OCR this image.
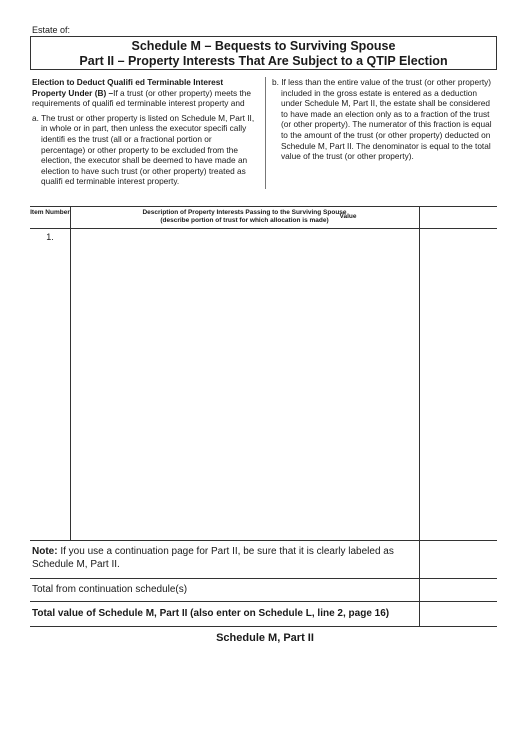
Estate of:
Schedule M – Bequests to Surviving Spouse
Part II – Property Interests That Are Subject to a QTIP Election

Election to Deduct Qualifi ed Terminable Interest Property Under (B) –If a trust (or other property) meets the requirements of qualifi ed terminable interest property and

a. The trust or other property is listed on Schedule M, Part II, in whole or in part, then unless the executor specifi cally identifi es the trust (all or a fractional portion or percentage) or other property to be excluded from the election, the executor shall be deemed to have made an election to have such trust (or other property) treated as qualifi ed terminable interest property.

b. If less than the entire value of the trust (or other property) included in the gross estate is entered as a deduction under Schedule M, Part II, the estate shall be considered to have made an election only as to a fraction of the trust (or other property). The numerator of this fraction is equal to the amount of the trust (or other property) deducted on Schedule M, Part II. The denominator is equal to the total value of the trust (or other property).

Item Number	Description of Property Interests Passing to the Surviving Spouse
(describe portion of trust for which allocation is made)
Value
1.
Note: If you use a continuation page for Part II, be sure that it is clearly labeled as Schedule M, Part II.
Total from continuation schedule(s)
Total value of Schedule M, Part II (also enter on Schedule L, line 2, page 16)
Schedule M, Part II
